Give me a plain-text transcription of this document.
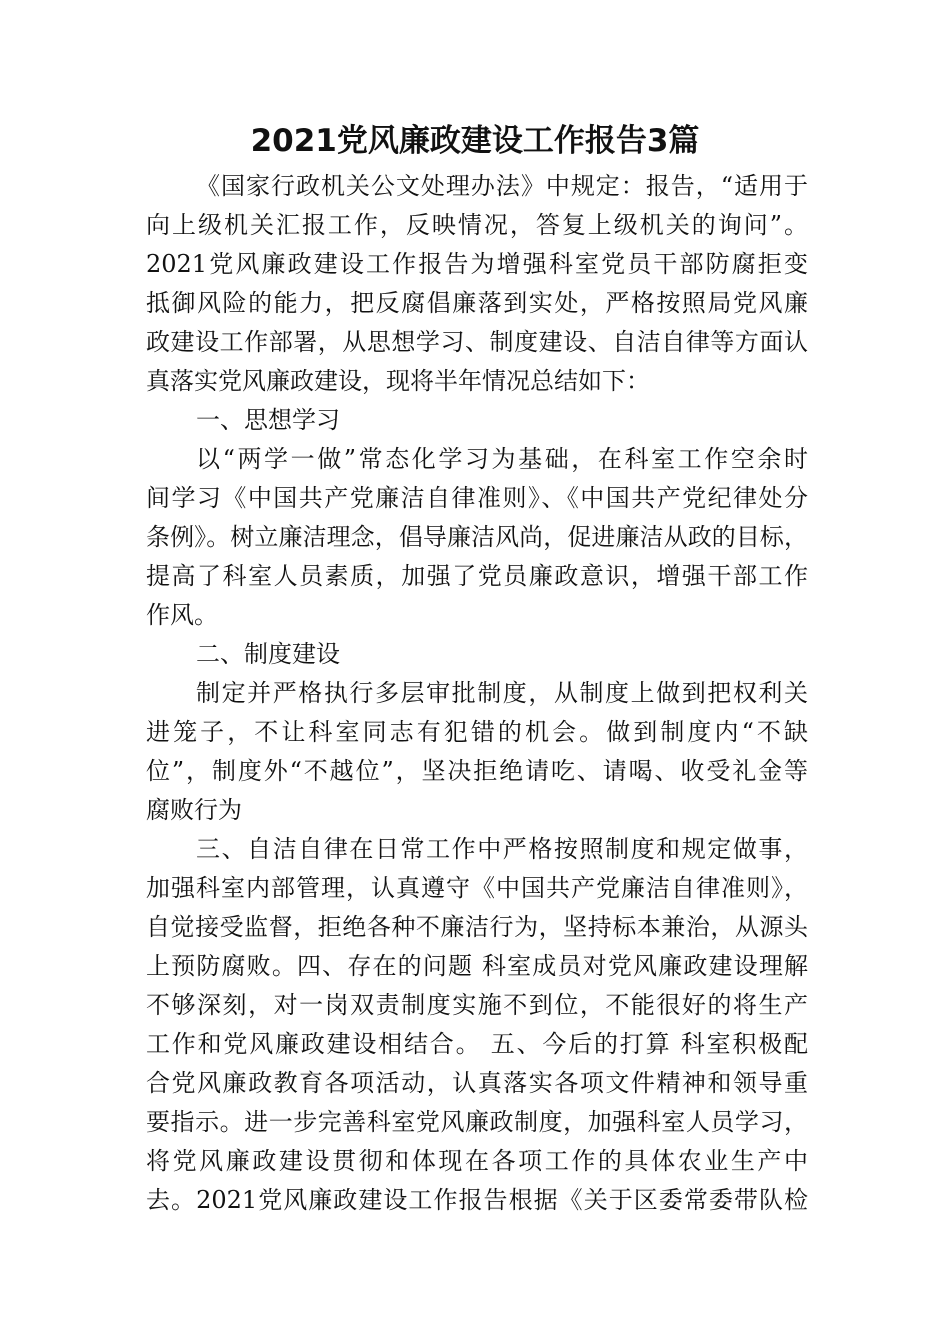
2021党风廉政建设工作报告3篇
《国家行政机关公文处理办法》中规定：报告，“适用于
向上级机关汇报工作，反映情况，答复上级机关的询问”。
2021党风廉政建设工作报告为增强科室党员干部防腐拒变
抵御风险的能力，把反腐倡廉落到实处，严格按照局党风廉
政建设工作部署，从思想学习、制度建设、自洁自律等方面认
真落实党风廉政建设，现将半年情况总结如下：
一、思想学习
以“两学一做”常态化学习为基础，在科室工作空余时
间学习《中国共产党廉洁自律准则》、《中国共产党纪律处分
条例》。树立廉洁理念，倡导廉洁风尚，促进廉洁从政的目标，
提高了科室人员素质，加强了党员廉政意识，增强干部工作
作风。
二、制度建设
制定并严格执行多层审批制度，从制度上做到把权利关
进笼子，不让科室同志有犯错的机会。做到制度内“不缺
位”，制度外“不越位”，坚决拒绝请吃、请喝、收受礼金等
腐败行为
三、自洁自律在日常工作中严格按照制度和规定做事，
加强科室内部管理，认真遵守《中国共产党廉洁自律准则》，
自觉接受监督，拒绝各种不廉洁行为，坚持标本兼治，从源头
上预防腐败。四、存在的问题 科室成员对党风廉政建设理解
不够深刻，对一岗双责制度实施不到位，不能很好的将生产
工作和党风廉政建设相结合。 五、今后的打算 科室积极配
合党风廉政教育各项活动，认真落实各项文件精神和领导重
要指示。进一步完善科室党风廉政制度，加强科室人员学习，
将党风廉政建设贯彻和体现在各项工作的具体农业生产中
去。2021党风廉政建设工作报告根据《关于区委常委带队检
